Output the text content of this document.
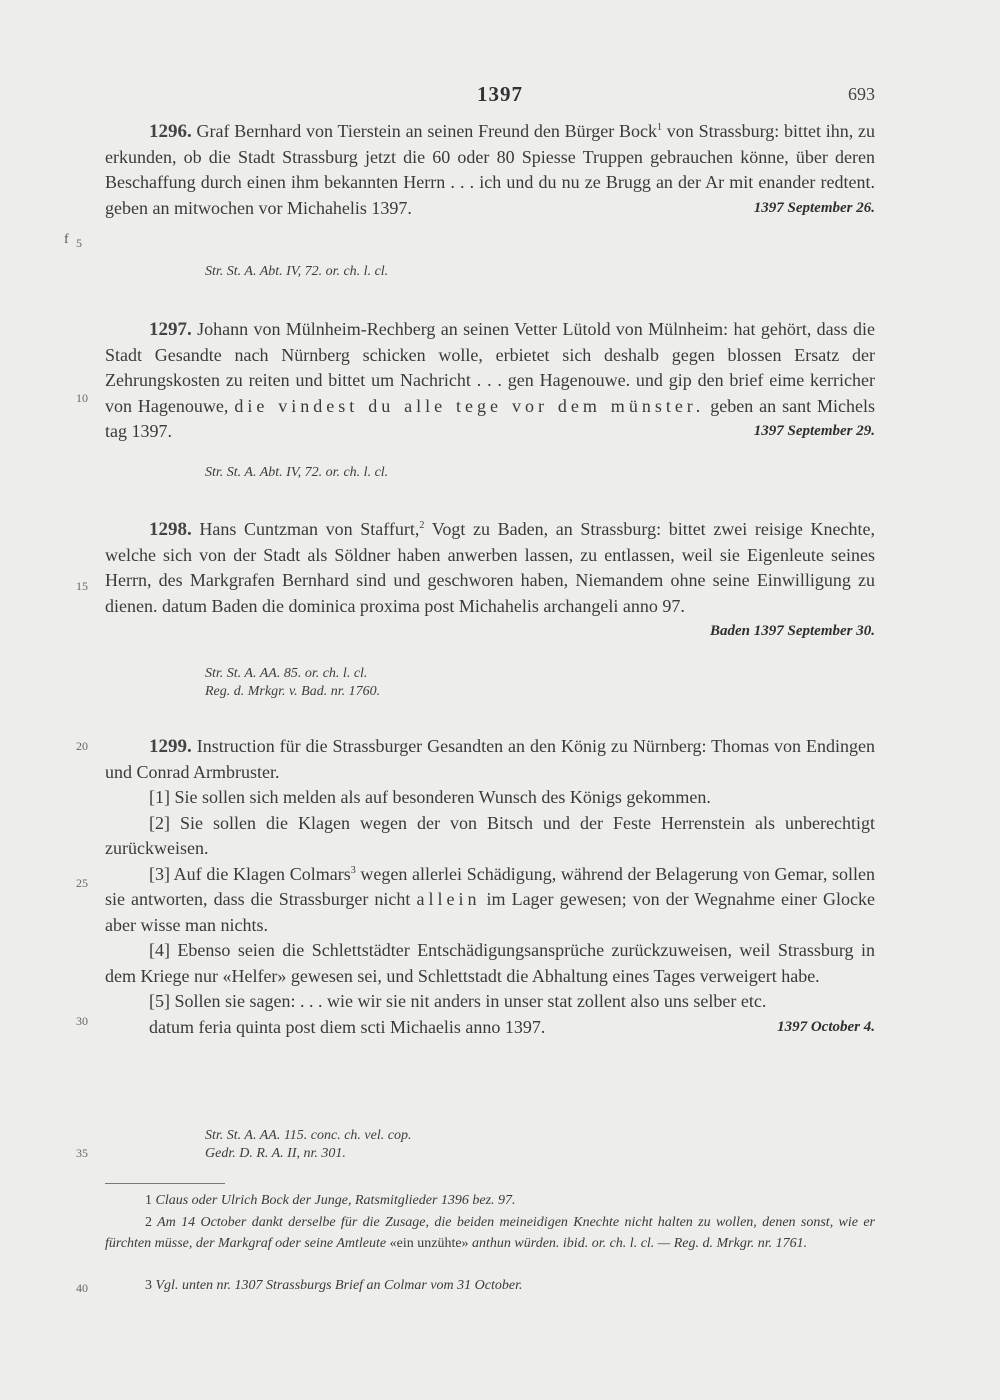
1397	693
f 5
10
15
20
25
30
35
40

1296. Graf Bernhard von Tierstein an seinen Freund den Bürger Bock$^1$ von Strassburg: bittet ihn, zu erkunden, ob die Stadt Strassburg jetzt die 60 oder 80 Spiesse Truppen gebrauchen könne, über deren Beschaffung durch einen ihm bekannten Herrn . . . ich und du nu ze Brugg an der Ar mit enander redtent. geben an mitwochen vor Michahelis 1397.	1397 September 26.

Str. St. A. Abt. IV, 72. or. ch. l. cl.

1297. Johann von Mülnheim-Rechberg an seinen Vetter Lütold von Mülnheim: hat gehört, dass die Stadt Gesandte nach Nürnberg schicken wolle, erbietet sich deshalb gegen blossen Ersatz der Zehrungskosten zu reiten und bittet um Nachricht . . . gen Hagenouwe. und gip den brief eime kerricher von Hagenouwe, die vindest du alle tege vor dem münster. geben an sant Michels tag 1397.	1397 September 29.

Str. St. A. Abt. IV, 72. or. ch. l. cl.

1298. Hans Cuntzman von Staffurt,$^2$ Vogt zu Baden, an Strassburg: bittet zwei reisige Knechte, welche sich von der Stadt als Söldner haben anwerben lassen, zu entlassen, weil sie Eigenleute seines Herrn, des Markgrafen Bernhard sind und geschworen haben, Niemandem ohne seine Einwilligung zu dienen. datum Baden die dominica proxima post Michahelis archangeli anno 97.
Baden 1397 September 30.

Str. St. A. AA. 85. or. ch. l. cl.
Reg. d. Mrkgr. v. Bad. nr. 1760.

1299. Instruction für die Strassburger Gesandten an den König zu Nürnberg: Thomas von Endingen und Conrad Armbruster.

[1] Sie sollen sich melden als auf besonderen Wunsch des Königs gekommen.

[2] Sie sollen die Klagen wegen der von Bitsch und der Feste Herrenstein als unberechtigt zurückweisen.

[3] Auf die Klagen Colmars$^3$ wegen allerlei Schädigung, während der Belagerung von Gemar, sollen sie antworten, dass die Strassburger nicht allein im Lager gewesen; von der Wegnahme einer Glocke aber wisse man nichts.

[4] Ebenso seien die Schlettstädter Entschädigungsansprüche zurückzuweisen, weil Strassburg in dem Kriege nur «Helfer» gewesen sei, und Schlettstadt die Abhaltung eines Tages verweigert habe.

[5] Sollen sie sagen: . . . wie wir sie nit anders in unser stat zollent also uns selber etc.

datum feria quinta post diem scti Michaelis anno 1397.	1397 October 4.

Str. St. A. AA. 115. conc. ch. vel. cop.
Gedr. D. R. A. II, nr. 301.

1 Claus oder Ulrich Bock der Junge, Ratsmitglieder 1396 bez. 97.

2 Am 14 October dankt derselbe für die Zusage, die beiden meineidigen Knechte nicht halten zu wollen, denen sonst, wie er fürchten müsse, der Markgraf oder seine Amtleute «ein unzühte» anthun würden. ibid. or. ch. l. cl. — Reg. d. Mrkgr. nr. 1761.

3 Vgl. unten nr. 1307 Strassburgs Brief an Colmar vom 31 October.
